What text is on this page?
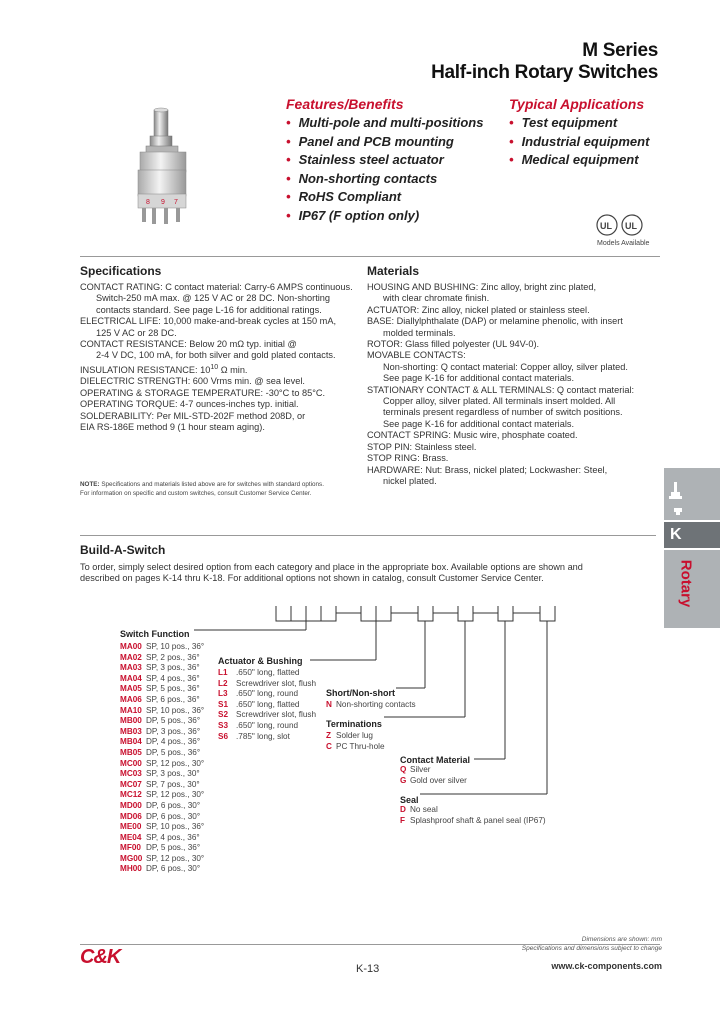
M Series
Half-inch Rotary Switches
8 9 7
Features/Benefits
• Multi-pole and multi-positions
• Panel and PCB mounting
• Stainless steel actuator
• Non-shorting contacts
• RoHS Compliant
• IP67 (F option only)
Typical Applications
• Test equipment
• Industrial equipment
• Medical equipment
UL UL
Models Available
Specifications
CONTACT RATING: C contact material: Carry-6 AMPS continuous.
Switch-250 mA max. @ 125 V AC or 28 DC. Non-shorting
contacts standard. See page L-16 for additional ratings.
ELECTRICAL LIFE: 10,000 make-and-break cycles at 150 mA,
125 V AC or 28 DC.
CONTACT RESISTANCE: Below 20 mΩ typ. initial @
2-4 V DC, 100 mA, for both silver and gold plated contacts.
INSULATION RESISTANCE: $10^{10}$ Ω min.
DIELECTRIC STRENGTH: 600 Vrms min. @ sea level.
OPERATING & STORAGE TEMPERATURE: -30°C to 85°C.
OPERATING TORQUE: 4-7 ounces-inches typ. initial.
SOLDERABILITY: Per MIL-STD-202F method 208D, or
EIA RS-186E method 9 (1 hour steam aging).
NOTE: Specifications and materials listed above are for switches with standard options.
For information on specific and custom switches, consult Customer Service Center.
Materials
HOUSING AND BUSHING: Zinc alloy, bright zinc plated,
with clear chromate finish.
ACTUATOR: Zinc alloy, nickel plated or stainless steel.
BASE: Diallylphthalate (DAP) or melamine phenolic, with insert
molded terminals.
ROTOR: Glass filled polyester (UL 94V-0).
MOVABLE CONTACTS:
Non-shorting: Q contact material: Copper alloy, silver plated.
See page K-16 for additional contact materials.
STATIONARY CONTACT & ALL TERMINALS: Q contact material:
Copper alloy, silver plated. All terminals insert molded. All
terminals present regardless of number of switch positions.
See page K-16 for additional contact materials.
CONTACT SPRING: Music wire, phosphate coated.
STOP PIN: Stainless steel.
STOP RING: Brass.
HARDWARE: Nut: Brass, nickel plated; Lockwasher: Steel,
nickel plated.
K
Rotary
Build-A-Switch
To order, simply select desired option from each category and place in the appropriate box. Available options are shown and
described on pages K-14 thru K-18. For additional options not shown in catalog, consult Customer Service Center.
Switch Function
MA00 SP, 10 pos., 36°
MA02 SP, 2 pos., 36°
MA03 SP, 3 pos., 36°
MA04 SP, 4 pos., 36°
MA05 SP, 5 pos., 36°
MA06 SP, 6 pos., 36°
MA10 SP, 10 pos., 36°
MB00 DP, 5 pos., 36°
MB03 DP, 3 pos., 36°
MB04 DP, 4 pos., 36°
MB05 DP, 5 pos., 36°
MC00 SP, 12 pos., 30°
MC03 SP, 3 pos., 30°
MC07 SP, 7 pos., 30°
MC12 SP, 12 pos., 30°
MD00 DP, 6 pos., 30°
MD06 DP, 6 pos., 30°
ME00 SP, 10 pos., 36°
ME04 SP, 4 pos., 36°
MF00 DP, 5 pos., 36°
MG00 SP, 12 pos., 30°
MH00 DP, 6 pos., 30°
Actuator & Bushing
L1 .650" long, flatted
L2 Screwdriver slot, flush
L3 .650" long, round
S1 .650" long, flatted
S2 Screwdriver slot, flush
S3 .650" long, round
S6 .785" long, slot
Short/Non-short
N Non-shorting contacts
Terminations
Z Solder lug
C PC Thru-hole
Contact Material
Q Silver
G Gold over silver
Seal
D No seal
F Splashproof shaft & panel seal (IP67)
C&K
K-13
Dimensions are shown: mm
Specifications and dimensions subject to change
www.ck-components.com
